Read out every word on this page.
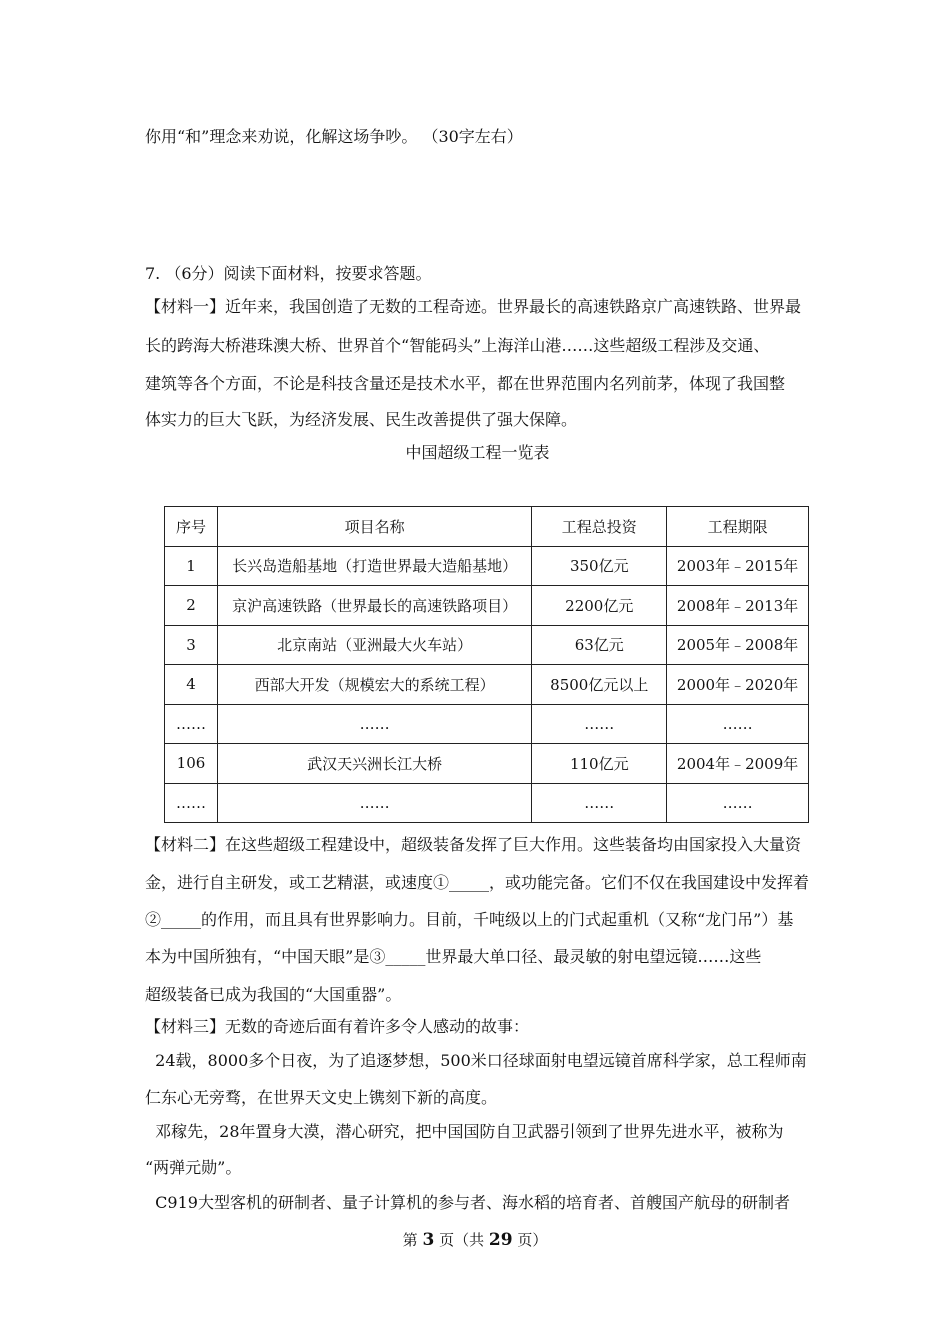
你用“和”理念来劝说，化解这场争吵。 （30字左右）
7. （6分）阅读下面材料，按要求答题。
【材料一】近年来，我国创造了无数的工程奇迹。世界最长的高速铁路京广高速铁路、世界最
长的跨海大桥港珠澳大桥、世界首个“智能码头”上海洋山港……这些超级工程涉及交通、
建筑等各个方面，不论是科技含量还是技术水平，都在世界范围内名列前茅，体现了我国整
体实力的巨大飞跃，为经济发展、民生改善提供了强大保障。
中国超级工程一览表
序号	项目名称	工程总投资	工程期限
1	长兴岛造船基地（打造世界最大造船基地）	350亿元	2003年﹣2015年
2	京沪高速铁路（世界最长的高速铁路项目）	2200亿元	2008年﹣2013年
3	北京南站（亚洲最大火车站）	63亿元	2005年﹣2008年
4	西部大开发（规模宏大的系统工程）	8500亿元以上	2000年﹣2020年
……	……	……	……
106	武汉天兴洲长江大桥	110亿元	2004年﹣2009年
……	……	……	……
【材料二】在这些超级工程建设中，超级装备发挥了巨大作用。这些装备均由国家投入大量资
金，进行自主研发，或工艺精湛，或速度①_____，或功能完备。它们不仅在我国建设中发挥着
②_____的作用，而且具有世界影响力。目前，千吨级以上的门式起重机（又称“龙门吊”）基
本为中国所独有，“中国天眼”是③_____世界最大单口径、最灵敏的射电望远镜……这些
超级装备已成为我国的“大国重器”。
【材料三】无数的奇迹后面有着许多令人感动的故事：
24载，8000多个日夜，为了追逐梦想，500米口径球面射电望远镜首席科学家，总工程师南
仁东心无旁骛，在世界天文史上镌刻下新的高度。
邓稼先，28年置身大漠，潜心研究，把中国国防自卫武器引领到了世界先进水平，被称为
“两弹元勋”。
C919大型客机的研制者、量子计算机的参与者、海水稻的培育者、首艘国产航母的研制者
第 3 页（共 29 页）
